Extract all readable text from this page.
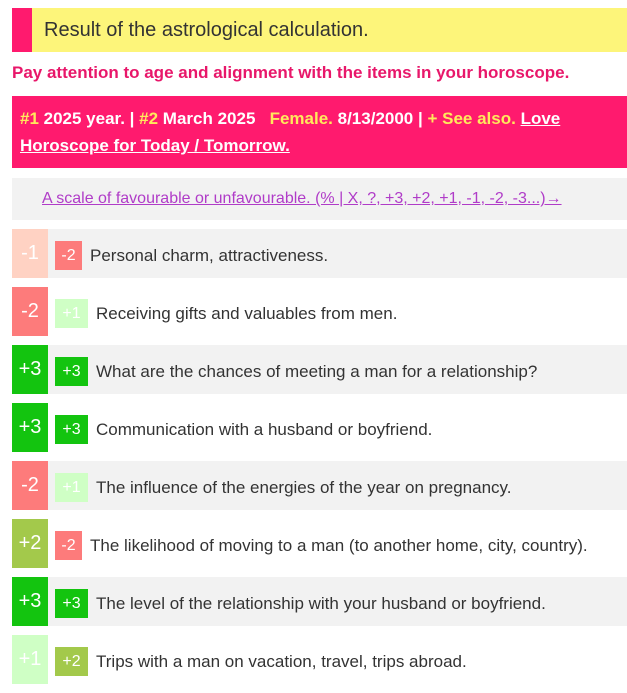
Result of the astrological calculation.
Pay attention to age and alignment with the items in your horoscope.
#1 2025 year. | #2 March 2025 Female. 8/13/2000 | + See also. Love Horoscope for Today / Tomorrow.
A scale of favourable or unfavourable. (% | X, ?, +3, +2, +1, -1, -2, -3...)→
-1	-2 Personal charm, attractiveness.
-2	+1 Receiving gifts and valuables from men.
+3	+3 What are the chances of meeting a man for a relationship?
+3	+3 Communication with a husband or boyfriend.
-2	+1 The influence of the energies of the year on pregnancy.
+2	-2 The likelihood of moving to a man (to another home, city, country).
+3	+3 The level of the relationship with your husband or boyfriend.
+1	+2 Trips with a man on vacation, travel, trips abroad.
